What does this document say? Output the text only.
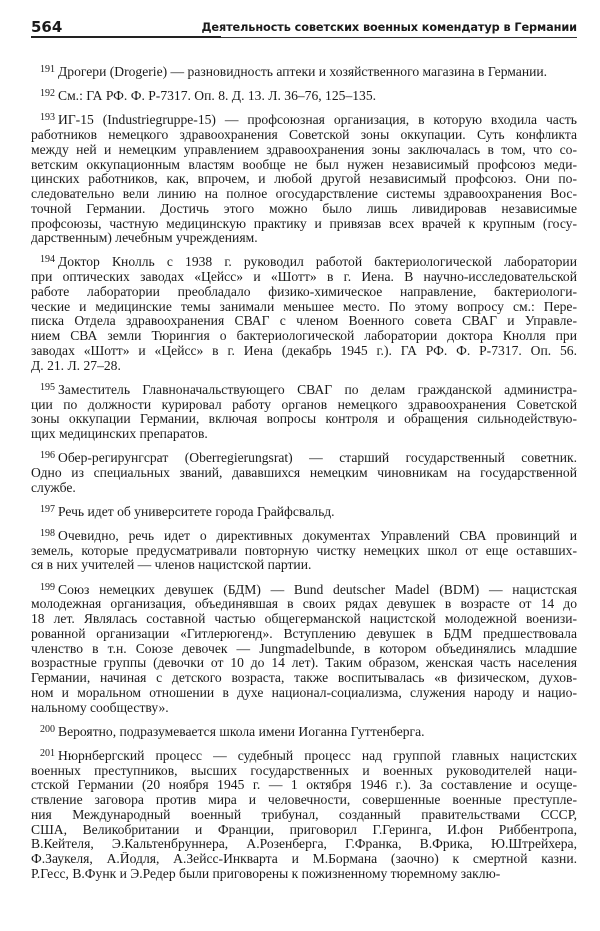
564	Деятельность советских военных комендатур в Германии
$^{191}$ Дрогери (Drogerie) — разновидность аптеки и хозяйственного магазина в Германии.
$^{192}$ См.: ГА РФ. Ф. Р-7317. Оп. 8. Д. 13. Л. 36–76, 125–135.
$^{193}$ ИГ-15 (Industriegruppe-15) — профсоюзная организация, в которую входила часть
работников немецкого здравоохранения Советской зоны оккупации. Суть конфликта
между ней и немецким управлением здравоохранения зоны заключалась в том, что со-
ветским оккупационным властям вообще не был нужен независимый профсоюз меди-
цинских работников, как, впрочем, и любой другой независимый профсоюз. Они по-
следовательно вели линию на полное огосударствление системы здравоохранения Вос-
точной Германии. Достичь этого можно было лишь ливидировав независимые
профсоюзы, частную медицинскую практику и привязав всех врачей к крупным (госу-
дарственным) лечебным учреждениям.
$^{194}$ Доктор Кнолль с 1938 г. руководил работой бактериологической лаборатории
при оптических заводах «Цейсс» и «Шотт» в г. Иена. В научно-исследовательской
работе лаборатории преобладало физико-химическое направление, бактериологи-
ческие и медицинские темы занимали меньшее место. По этому вопросу см.: Пере-
писка Отдела здравоохранения СВАГ с членом Военного совета СВАГ и Управле-
нием СВА земли Тюрингия о бактериологической лаборатории доктора Кнолля при
заводах «Шотт» и «Цейсс» в г. Иена (декабрь 1945 г.). ГА РФ. Ф. Р-7317. Оп. 56.
Д. 21. Л. 27–28.
$^{195}$ Заместитель Главноначальствующего СВАГ по делам гражданской администра-
ции по должности курировал работу органов немецкого здравоохранения Советской
зоны оккупации Германии, включая вопросы контроля и обращения сильнодействую-
щих медицинских препаратов.
$^{196}$ Обер-регирунгсрат (Oberregierungsrat) — старший государственный советник.
Одно из специальных званий, дававшихся немецким чиновникам на государственной
службе.
$^{197}$ Речь идет об университете города Грайфсвальд.
$^{198}$ Очевидно, речь идет о директивных документах Управлений СВА провинций и
земель, которые предусматривали повторную чистку немецких школ от еще оставших-
ся в них учителей — членов нацистской партии.
$^{199}$ Союз немецких девушек (БДМ) — Bund deutscher Madel (BDM) — нацистская
молодежная организация, объединявшая в своих рядах девушек в возрасте от 14 до
18 лет. Являлась составной частью общегерманской нацистской молодежной военизи-
рованной организации «Гитлерюгенд». Вступлению девушек в БДМ предшествовала
членство в т.н. Союзе девочек — Jungmadelbunde, в котором объединялись младшие
возрастные группы (девочки от 10 до 14 лет). Таким образом, женская часть населения
Германии, начиная с детского возраста, также воспитывалась «в физическом, духов-
ном и моральном отношении в духе национал-социализма, служения народу и нацио-
нальному сообществу».
$^{200}$ Вероятно, подразумевается школа имени Иоганна Гуттенберга.
$^{201}$ Нюрнбергский процесс — судебный процесс над группой главных нацистских
военных преступников, высших государственных и военных руководителей наци-
стской Германии (20 ноября 1945 г. — 1 октября 1946 г.). За составление и осуще-
ствление заговора против мира и человечности, совершенные военные преступле-
ния Международный военный трибунал, созданный правительствами СССР,
США, Великобритании и Франции, приговорил Г.Геринга, И.фон Риббентропа,
В.Кейтеля, Э.Кальтенбруннера, А.Розенберга, Г.Франка, В.Фрика, Ю.Штрейхера,
Ф.Заукеля, А.Йодля, А.Зейсс-Инкварта и М.Бормана (заочно) к смертной казни.
Р.Гесс, В.Функ и Э.Редер были приговорены к пожизненному тюремному заклю-
